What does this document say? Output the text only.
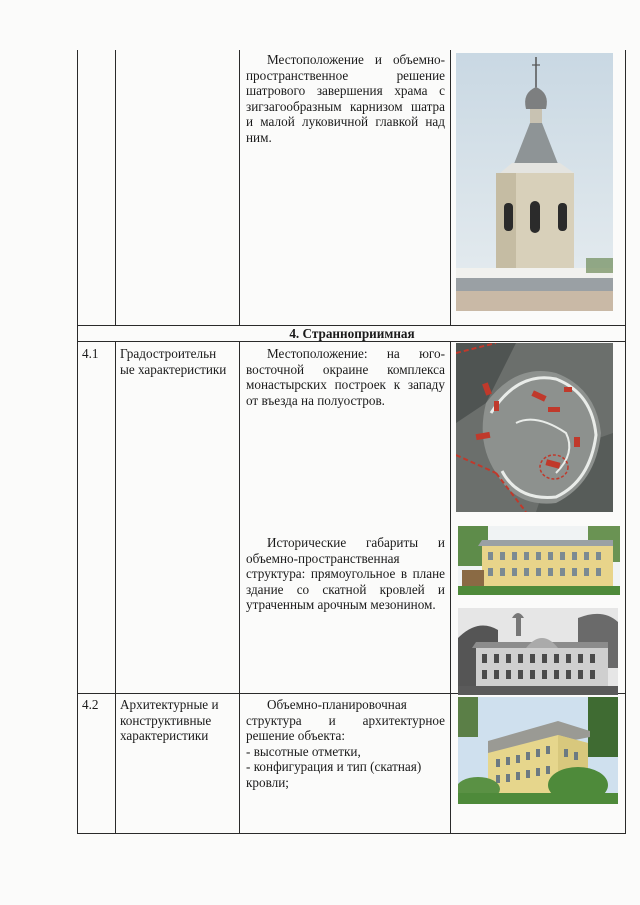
Местоположение и объемно-пространственное решение шатрового завершения храма с зигзагообразным карнизом шатра и малой луковичной главкой над ним.

4. Странноприимная
4.1 Градостроительн ые характеристики

Местоположение: на юго-восточной окраине комплекса монастырских построек к западу от въезда на полуостров.

Исторические габариты и объемно-пространственная структура: прямоугольное в плане здание со скатной кровлей и утраченным арочным мезонином.

4.2 Архитектурные и конструктивные характеристики

Объемно-планировочная структура и архитектурное решение объекта:

- высотные отметки,
- конфигурация и тип (скатная) кровли;
